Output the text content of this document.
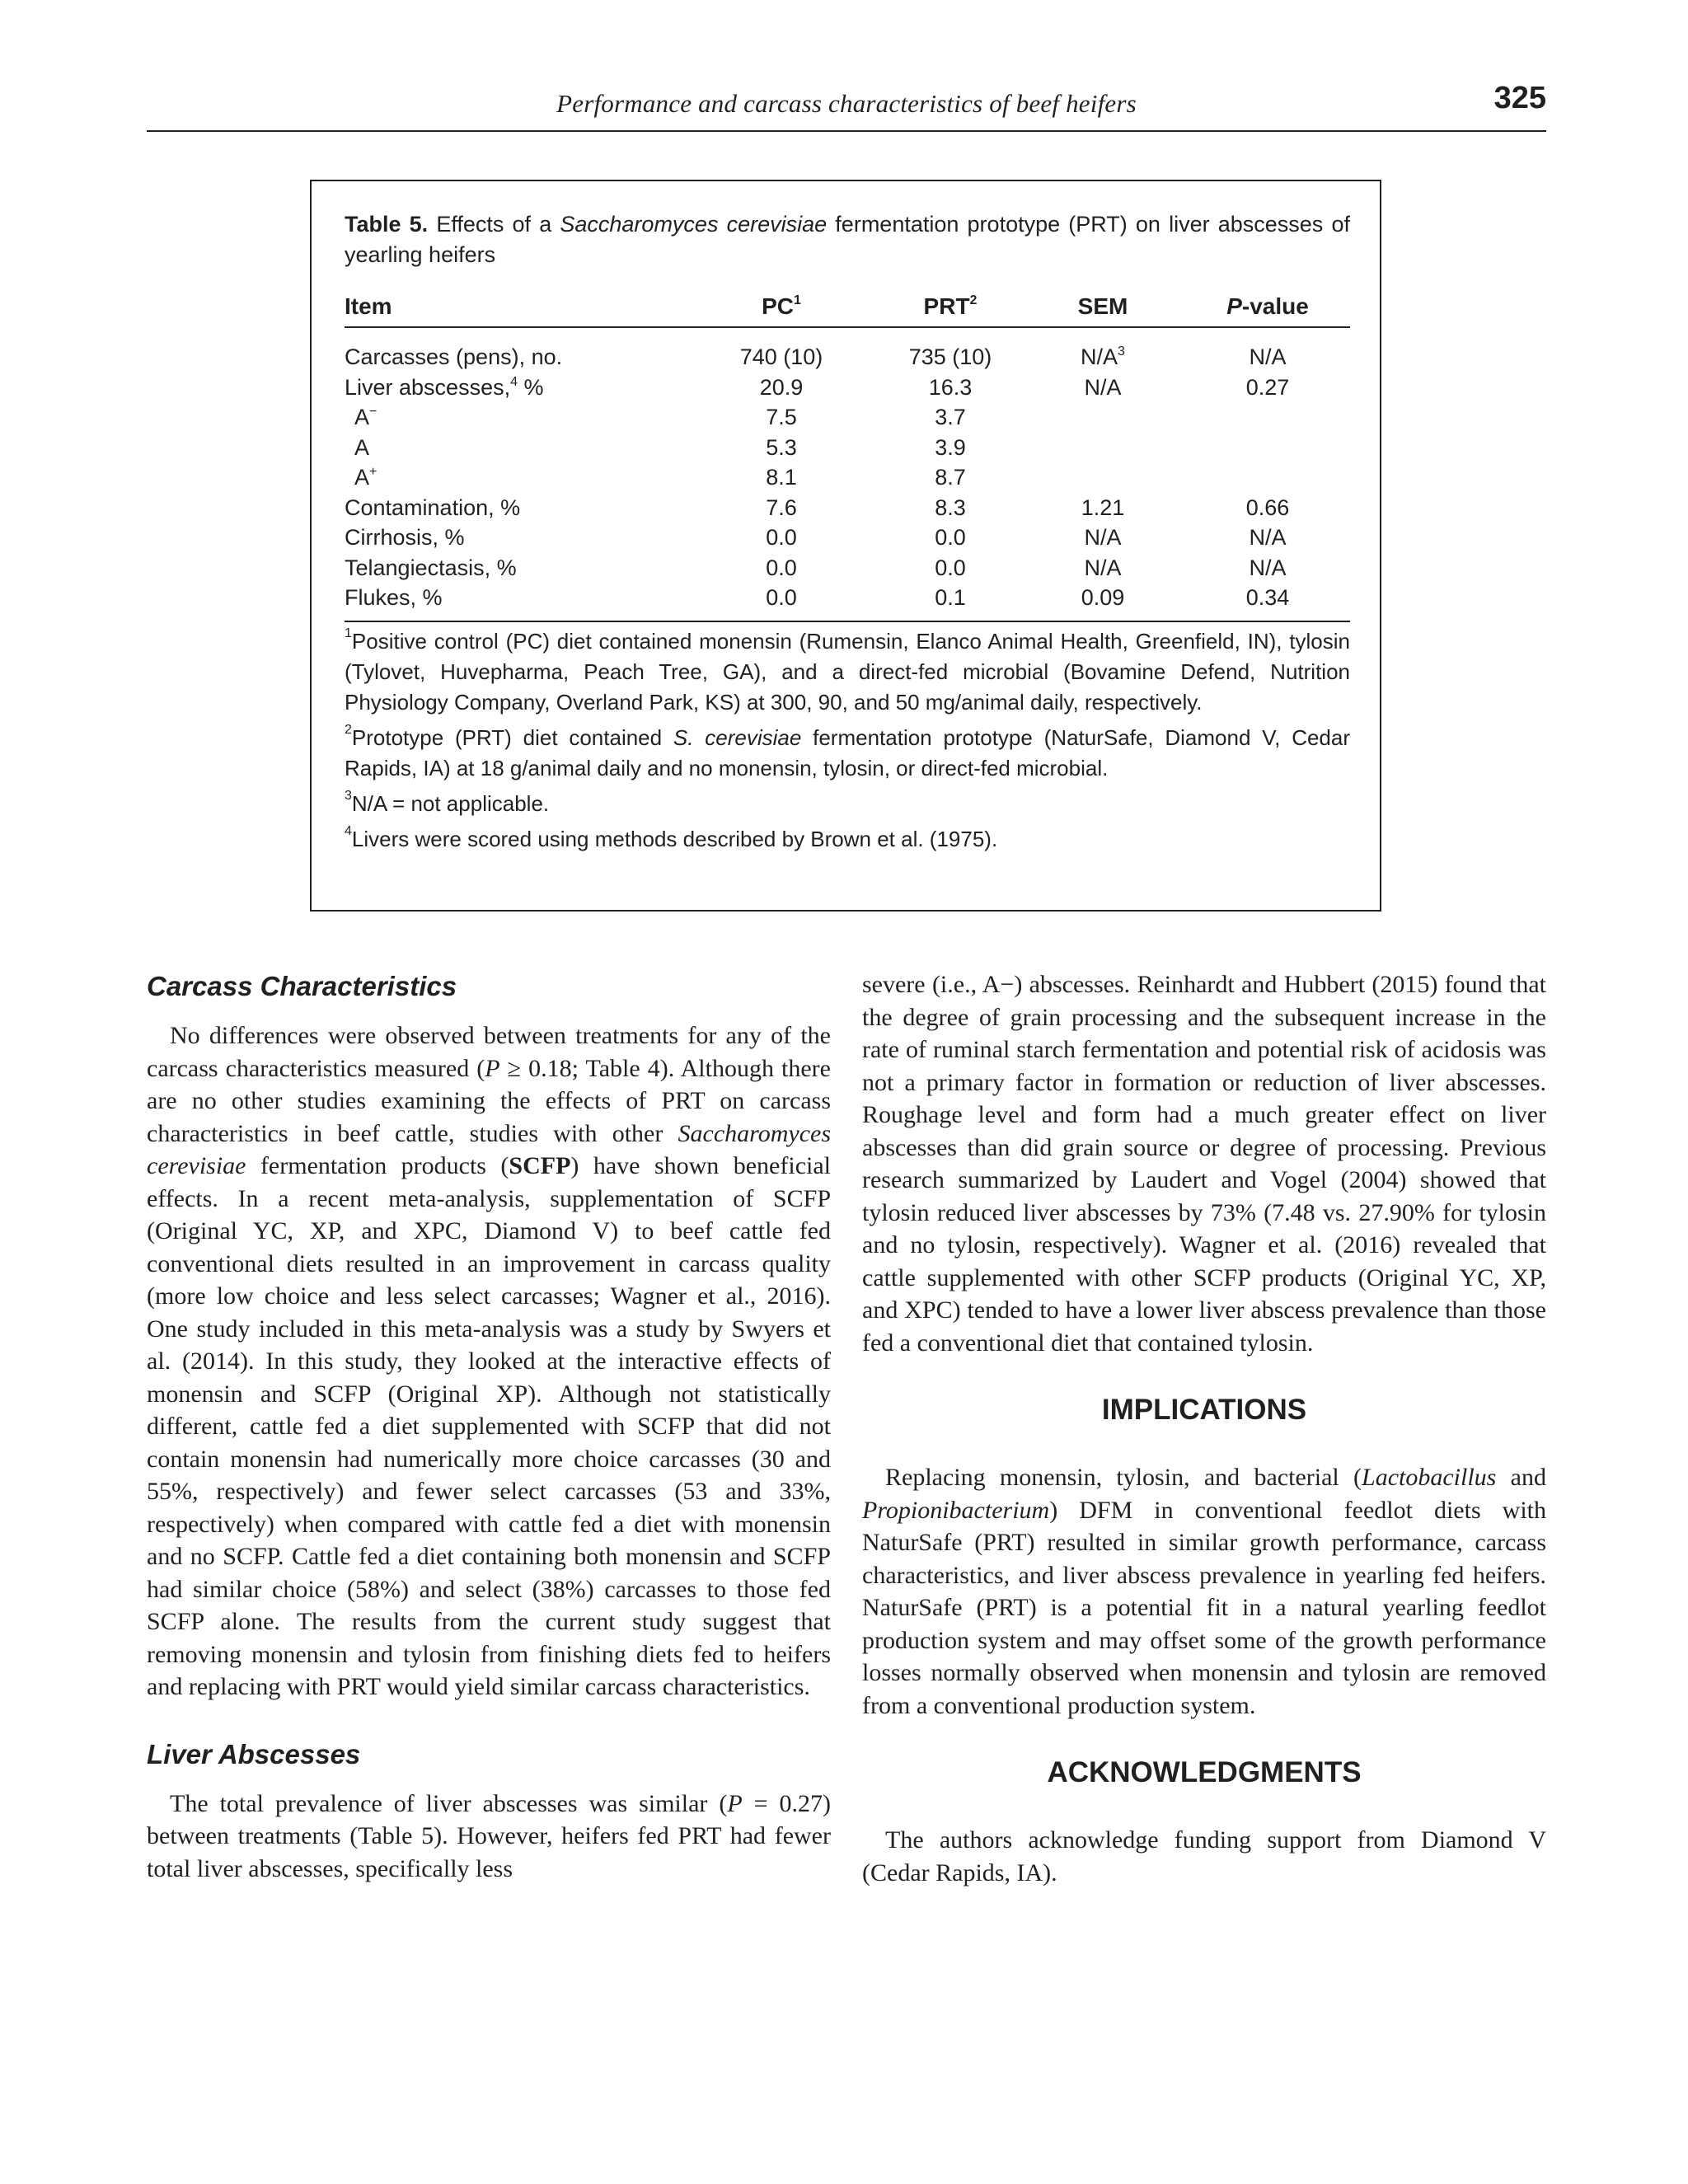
Performance and carcass characteristics of beef heifers	325
Table 5. Effects of a Saccharomyces cerevisiae fermentation prototype (PRT) on liver abscesses of yearling heifers
Item	$PC^1$	PRT$^2$	SEM	P-value
Carcasses (pens), no.	740 (10)	735 (10)	$N/A^3$	N/A
Liver abscesses,$^4$ %	20.9	16.3	N/A	0.27
A−	7.5	3.7
A	5.3	3.9
A+	8.1	8.7
Contamination, %	7.6	8.3	1.21	0.66
Cirrhosis, %	0.0	0.0	N/A	N/A
Telangiectasis, %	0.0	0.0	N/A	N/A
Flukes, %	0.0	0.1	0.09	0.34
$^1$Positive control (PC) diet contained monensin (Rumensin, Elanco Animal Health, Greenfield, IN), tylosin (Tylovet, Huvepharma, Peach Tree, GA), and a direct-fed microbial (Bovamine Defend, Nutrition Physiology Company, Overland Park, KS) at 300, 90, and 50 mg/animal daily, respectively.
$^2$Prototype (PRT) diet contained S. cerevisiae fermentation prototype (NaturSafe, Diamond V, Cedar Rapids, IA) at 18 g/animal daily and no monensin, tylosin, or direct-fed microbial.
$^3$N/A = not applicable.
$^4$Livers were scored using methods described by Brown et al. (1975).
Carcass Characteristics

No differences were observed between treatments for any of the carcass characteristics measured (P ≥ 0.18; Table 4). Although there are no other studies examining the effects of PRT on carcass characteristics in beef cattle, studies with other Saccharomyces cerevisiae fermentation products (SCFP) have shown beneficial effects. In a recent meta-analysis, supplementation of SCFP (Original YC, XP, and XPC, Diamond V) to beef cattle fed conventional diets resulted in an improvement in carcass quality (more low choice and less select carcasses; Wagner et al., 2016). One study included in this meta-analysis was a study by Swyers et al. (2014). In this study, they looked at the interactive effects of monensin and SCFP (Original XP). Although not statistically different, cattle fed a diet supplemented with SCFP that did not contain monensin had numerically more choice carcasses (30 and 55%, respectively) and fewer select carcasses (53 and 33%, respectively) when compared with cattle fed a diet with monensin and no SCFP. Cattle fed a diet containing both monensin and SCFP had similar choice (58%) and select (38%) carcasses to those fed SCFP alone. The results from the current study suggest that removing monensin and tylosin from finishing diets fed to heifers and replacing with PRT would yield similar carcass characteristics.

Liver Abscesses

The total prevalence of liver abscesses was similar (P = 0.27) between treatments (Table 5). However, heifers fed PRT had fewer total liver abscesses, specifically less

severe (i.e., A−) abscesses. Reinhardt and Hubbert (2015) found that the degree of grain processing and the subsequent increase in the rate of ruminal starch fermentation and potential risk of acidosis was not a primary factor in formation or reduction of liver abscesses. Roughage level and form had a much greater effect on liver abscesses than did grain source or degree of processing. Previous research summarized by Laudert and Vogel (2004) showed that tylosin reduced liver abscesses by 73% (7.48 vs. 27.90% for tylosin and no tylosin, respectively). Wagner et al. (2016) revealed that cattle supplemented with other SCFP products (Original YC, XP, and XPC) tended to have a lower liver abscess prevalence than those fed a conventional diet that contained tylosin.

IMPLICATIONS

Replacing monensin, tylosin, and bacterial (Lactobacillus and Propionibacterium) DFM in conventional feedlot diets with NaturSafe (PRT) resulted in similar growth performance, carcass characteristics, and liver abscess prevalence in yearling fed heifers. NaturSafe (PRT) is a potential fit in a natural yearling feedlot production system and may offset some of the growth performance losses normally observed when monensin and tylosin are removed from a conventional production system.

ACKNOWLEDGMENTS

The authors acknowledge funding support from Diamond V (Cedar Rapids, IA).
